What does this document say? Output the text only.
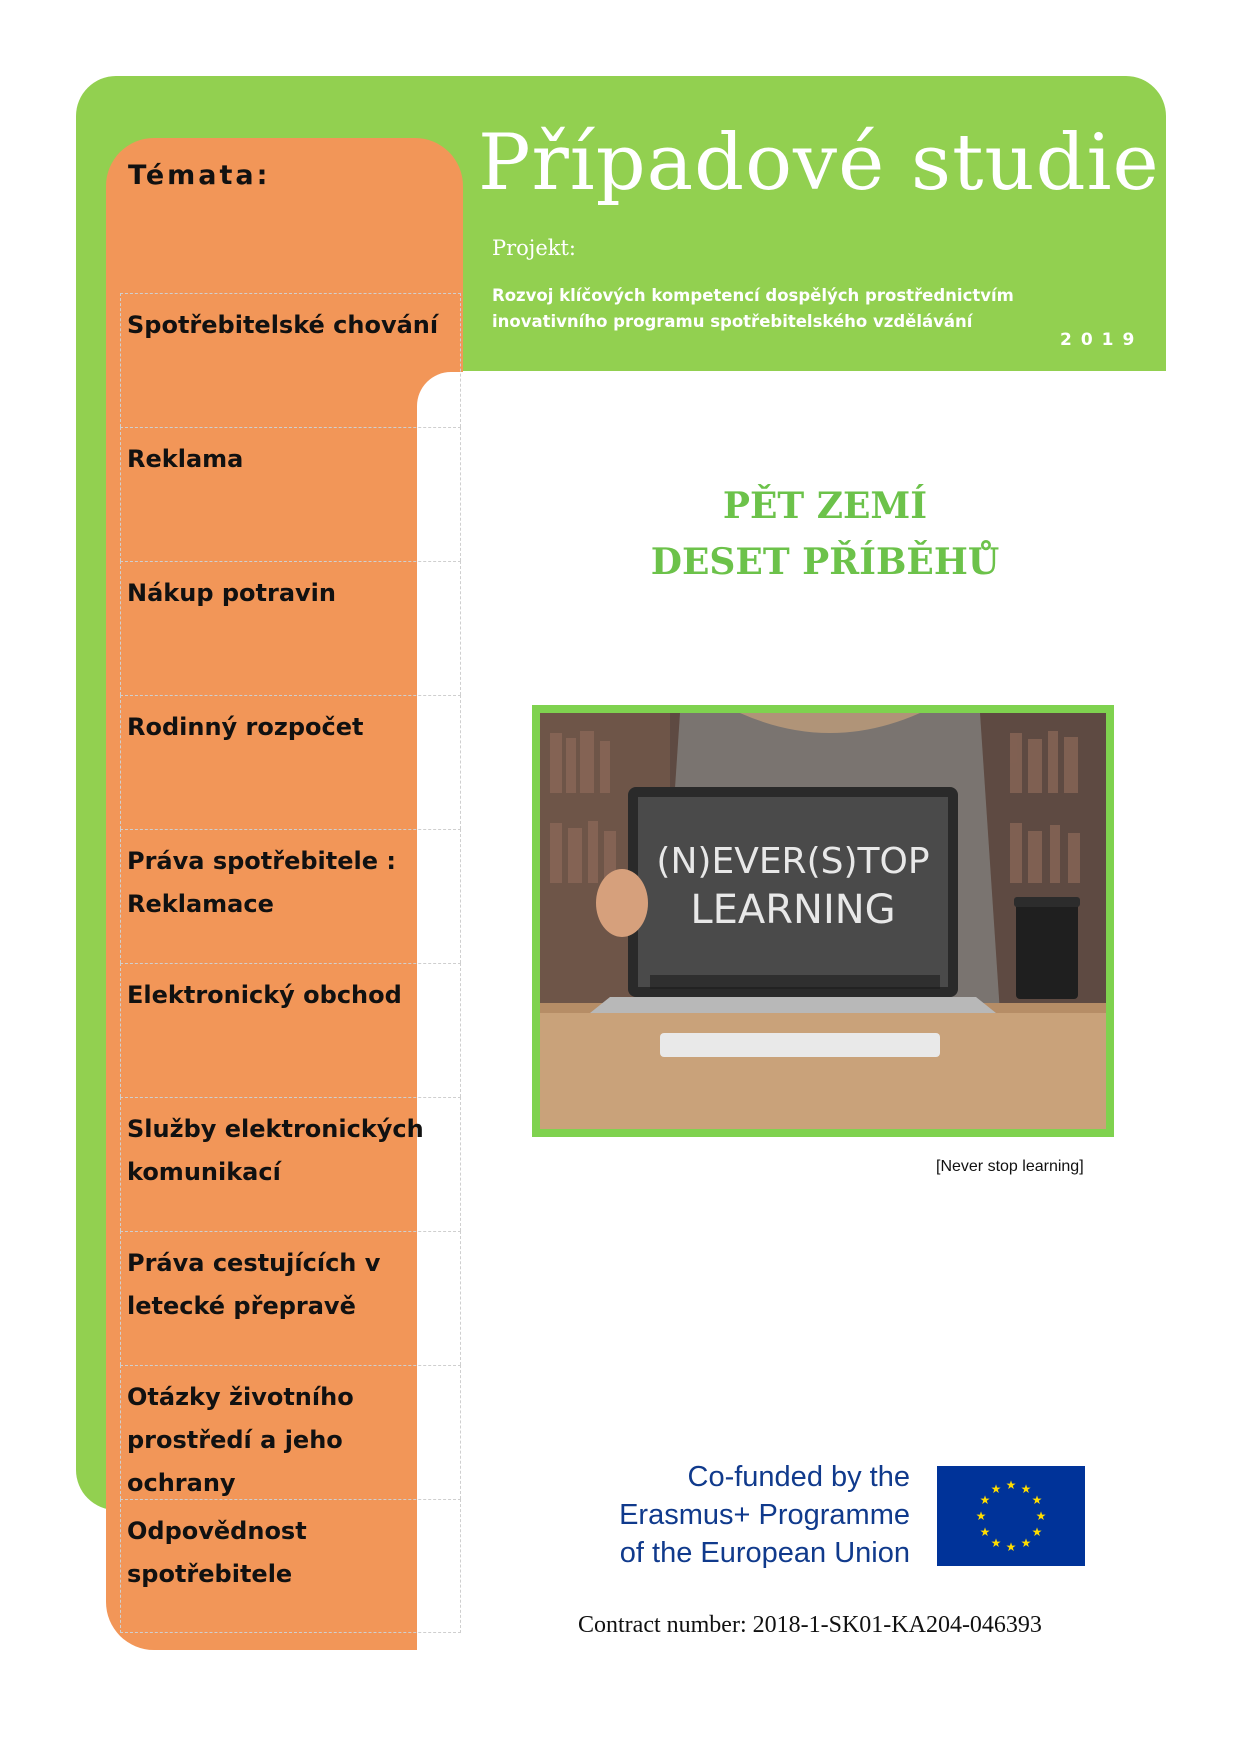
Témata:
Spotřebitelské chování
Reklama
Nákup potravin
Rodinný rozpočet
Práva spotřebitele : Reklamace
Elektronický obchod
Služby elektronických komunikací
Práva cestujících v letecké přepravě
Otázky životního prostředí a jeho ochrany
Odpovědnost spotřebitele
Případové studie
Projekt:
Rozvoj klíčových kompetencí dospělých prostřednictvím inovativního programu spotřebitelského vzdělávání
2019
PĚT ZEMÍ
DESET PŘÍBĚHŮ
(N)EVER(S)TOP
LEARNING
[Never stop learning]
Co-funded by the
Erasmus+ Programme
of the European Union
★ ★
★
★
★
★
★
★
★
★
★
★
Contract number: 2018-1-SK01-KA204-046393
